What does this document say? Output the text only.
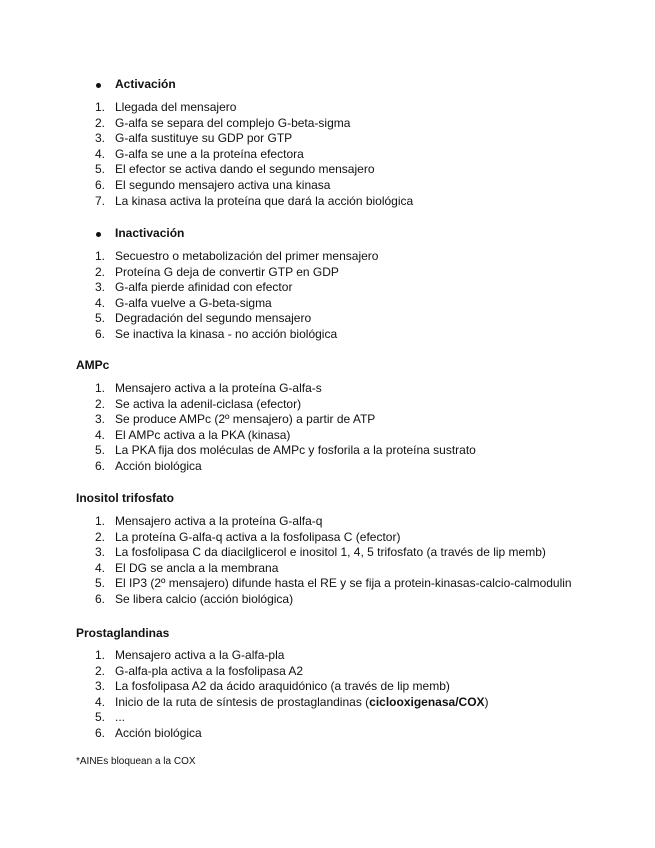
Activación
1. Llegada del mensajero
2. G-alfa se separa del complejo G-beta-sigma
3. G-alfa sustituye su GDP por GTP
4. G-alfa se une a la proteína efectora
5. El efector se activa dando el segundo mensajero
6. El segundo mensajero activa una kinasa
7. La kinasa activa la proteína que dará la acción biológica
Inactivación
1. Secuestro o metabolización del primer mensajero
2. Proteína G deja de convertir GTP en GDP
3. G-alfa pierde afinidad con efector
4. G-alfa vuelve a G-beta-sigma
5. Degradación del segundo mensajero
6. Se inactiva la kinasa - no acción biológica
AMPc
1. Mensajero activa a la proteína G-alfa-s
2. Se activa la adenil-ciclasa (efector)
3. Se produce AMPc (2º mensajero) a partir de ATP
4. El AMPc activa a la PKA (kinasa)
5. La PKA fija dos moléculas de AMPc y fosforila a la proteína sustrato
6. Acción biológica
Inositol trifosfato
1. Mensajero activa a la proteína G-alfa-q
2. La proteína G-alfa-q activa a la fosfolipasa C (efector)
3. La fosfolipasa C da diacilglicerol e inositol 1, 4, 5 trifosfato (a través de lip memb)
4. El DG se ancla a la membrana
5. El IP3 (2º mensajero) difunde hasta el RE y se fija a protein-kinasas-calcio-calmodulin
6. Se libera calcio (acción biológica)
Prostaglandinas
1. Mensajero activa a la G-alfa-pla
2. G-alfa-pla activa a la fosfolipasa A2
3. La fosfolipasa A2 da ácido araquidónico (a través de lip memb)
4. Inicio de la ruta de síntesis de prostaglandinas (ciclooxigenasa/COX)
5. ...
6. Acción biológica
*AINEs bloquean a la COX
